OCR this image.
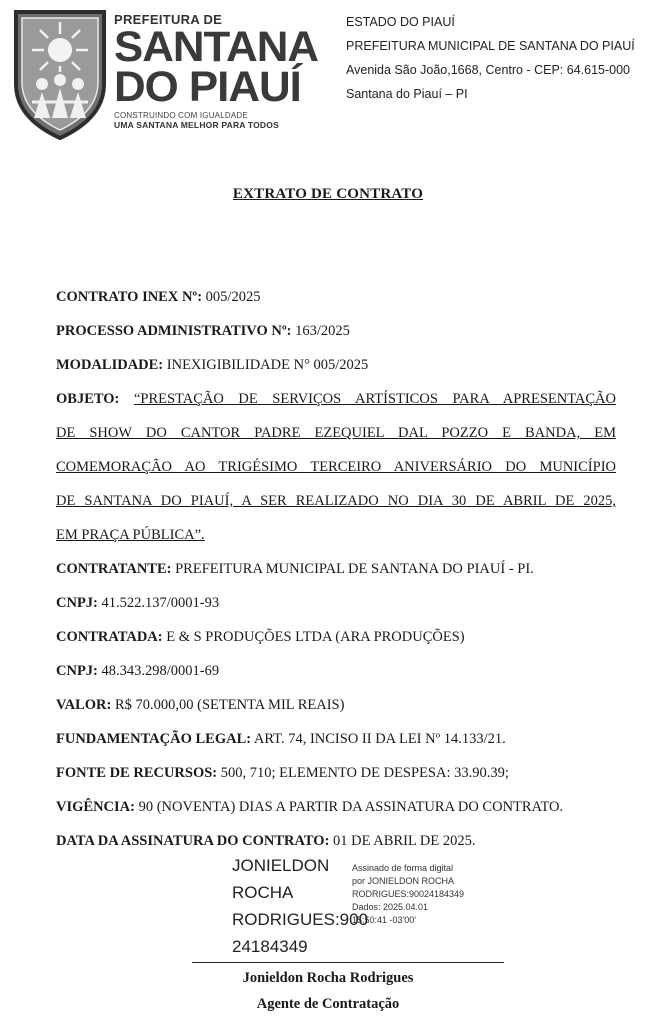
PREFEITURA DE
SANTANA
DO PIAUÍ
CONSTRUINDO COM IGUALDADE
UMA SANTANA MELHOR PARA TODOS
ESTADO DO PIAUÍ
PREFEITURA MUNICIPAL DE SANTANA DO PIAUÍ
Avenida São João,1668, Centro - CEP: 64.615-000
Santana do Piauí – PI
EXTRATO DE CONTRATO
CONTRATO INEX Nº: 005/2025
PROCESSO ADMINISTRATIVO Nº: 163/2025
MODALIDADE: INEXIGIBILIDADE N° 005/2025
OBJETO: “PRESTAÇÃO DE SERVIÇOS ARTÍSTICOS PARA APRESENTAÇÃO
DE SHOW DO CANTOR PADRE EZEQUIEL DAL POZZO E BANDA, EM
COMEMORAÇÃO AO TRIGÉSIMO TERCEIRO ANIVERSÁRIO DO MUNICÍPIO
DE SANTANA DO PIAUÍ, A SER REALIZADO NO DIA 30 DE ABRIL DE 2025,
EM PRAÇA PÚBLICA”.
CONTRATANTE: PREFEITURA MUNICIPAL DE SANTANA DO PIAUÍ - PI.
CNPJ: 41.522.137/0001-93
CONTRATADA: E & S PRODUÇÕES LTDA (ARA PRODUÇÕES)
CNPJ: 48.343.298/0001-69
VALOR: R$ 70.000,00 (SETENTA MIL REAIS)
FUNDAMENTAÇÃO LEGAL: ART. 74, INCISO II DA LEI Nº 14.133/21.
FONTE DE RECURSOS: 500, 710; ELEMENTO DE DESPESA: 33.90.39;
VIGÊNCIA: 90 (NOVENTA) DIAS A PARTIR DA ASSINATURA DO CONTRATO.
DATA DA ASSINATURA DO CONTRATO: 01 DE ABRIL DE 2025.
JONIELDON
ROCHA
RODRIGUES:900
24184349
Assinado de forma digital
por JONIELDON ROCHA
RODRIGUES:90024184349
Dados: 2025.04.01
15:50:41 -03'00'
Jonieldon Rocha Rodrigues
Agente de Contratação
